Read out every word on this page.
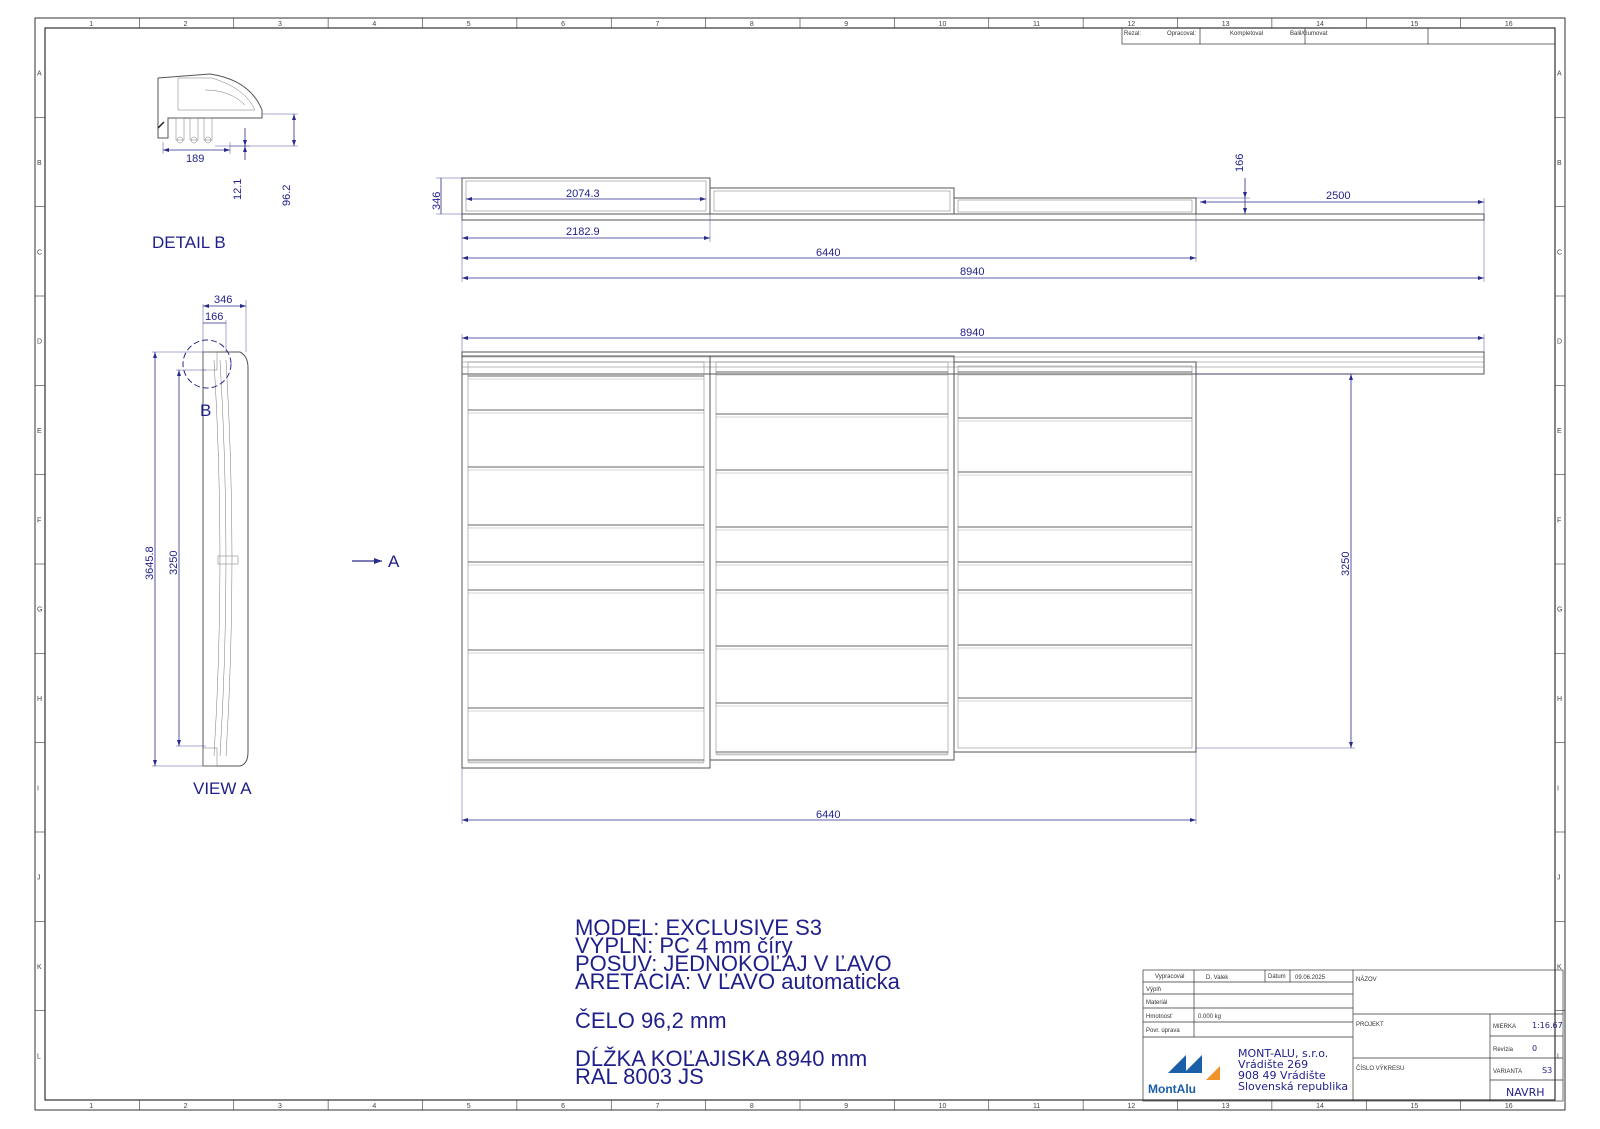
1	2	3	4	5	6	7	8	9	10	11	12	13	14	15	16
1	2	3	4	5	6	7	8	9	10	11	12	13	14	15	16
A
B
C
D
E
F
G
H
I
J
K
L
A
B
C
D
E
F
G
H
I
J
K
L
Rezal:	Opracoval:	Kompletoval	Balil/Gumoval:
189
12.1	96.2
DETAIL B
B
346
166
3645.8 3250
VIEW A
A
346	2074.3
2182.9
166
2500
6440
8940
8940
3250
6440
MODEL: EXCLUSIVE S3
VÝPLŇ: PC 4 mm číry
POSUV: JEDNOKOĽAJ V ĽAVO
ARETÁCIA: V ĽAVO automaticka
ČELO 96,2 mm
DĹŽKA KOĽAJISKA 8940 mm
RAL 8003 JS
Vypracoval	D. Valek	Dátum 09.06.2025
Výplň
Materiál
Hmotnosť	0.000 kg
Povr. úprava
NÁZOV
PROJEKT
ČÍSLO VÝKRESU
MIERKA 1:16.67
Revízia 0
VARIANTA S3
NAVRH
MONT-ALU, s.r.o.
Vrádište 269
908 49 Vrádište
Slovenská republika
MontAlu
